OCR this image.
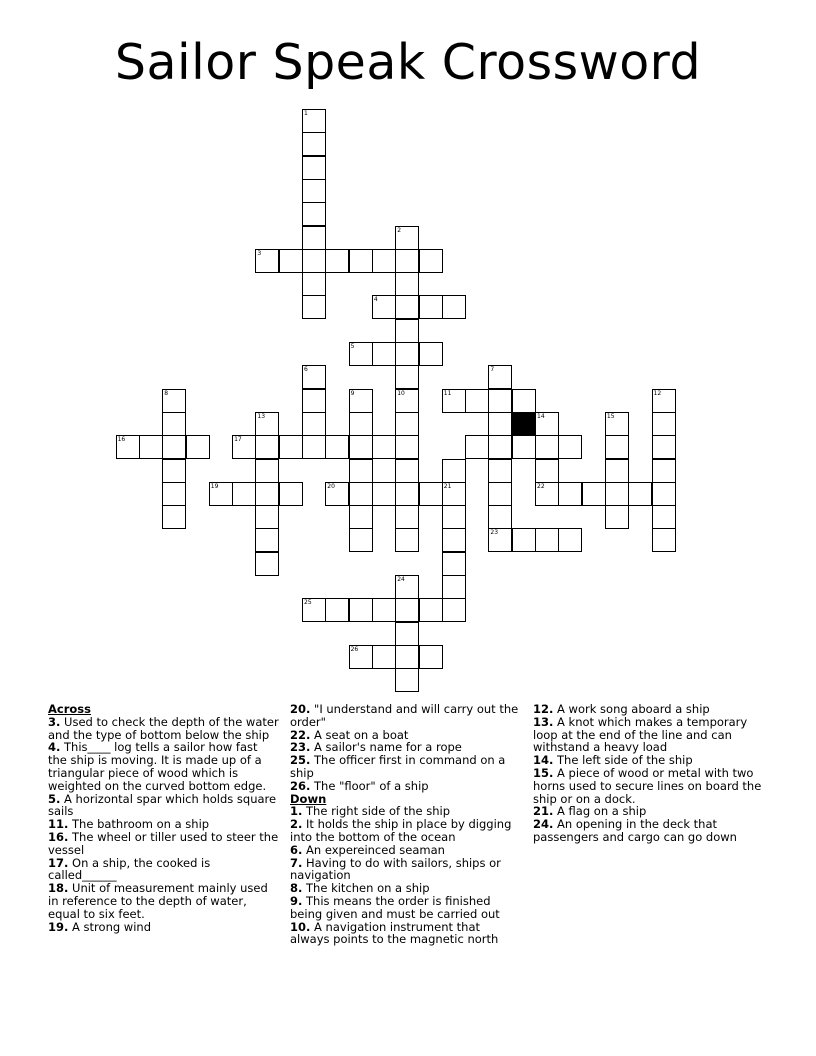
Sailor Speak Crossword
1
2
3
4
5
6	7
23
9	10	11	12
8
13	15
14
16	17
21
19	20	22
24
25
26

Across

3. Used to check the depth of the water and the type of bottom below the ship

4. This____ log tells a sailor how fast the ship is moving. It is made up of a triangular piece of wood which is weighted on the curved bottom edge.

5. A horizontal spar which holds square sails

11. The bathroom on a ship

16. The wheel or tiller used to steer the vessel

17. On a ship, the cooked is called______

18. Unit of measurement mainly used in reference to the depth of water, equal to six feet.

19. A strong wind

20. "I understand and will carry out the order"

22. A seat on a boat

23. A sailor's name for a rope

25. The officer first in command on a ship

26. The "floor" of a ship

Down

1. The right side of the ship

2. It holds the ship in place by digging into the bottom of the ocean

6. An expereinced seaman

7. Having to do with sailors, ships or navigation

8. The kitchen on a ship

9. This means the order is finished being given and must be carried out

10. A navigation instrument that always points to the magnetic north

12. A work song aboard a ship

13. A knot which makes a temporary loop at the end of the line and can withstand a heavy load

14. The left side of the ship

15. A piece of wood or metal with two horns used to secure lines on board the ship or on a dock.

21. A flag on a ship

24. An opening in the deck that passengers and cargo can go down
